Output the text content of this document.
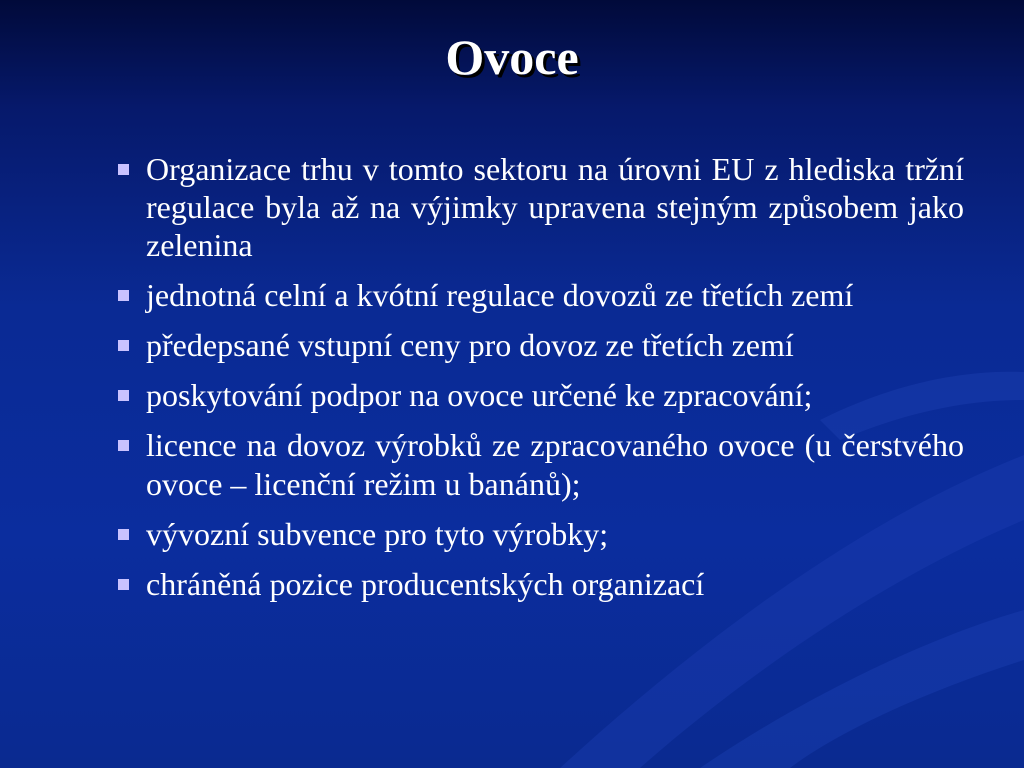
Ovoce
Organizace trhu v tomto sektoru na úrovni EU z hlediska tržní regulace byla až na výjimky upravena stejným způsobem jako zelenina
jednotná celní a kvótní regulace dovozů ze třetích zemí
předepsané vstupní ceny pro dovoz ze třetích zemí
poskytování podpor na ovoce určené ke zpracování;
licence na dovoz výrobků ze zpracovaného ovoce (u čerstvého ovoce – licenční režim u banánů);
vývozní subvence pro tyto výrobky;
chráněná pozice producentských organizací
